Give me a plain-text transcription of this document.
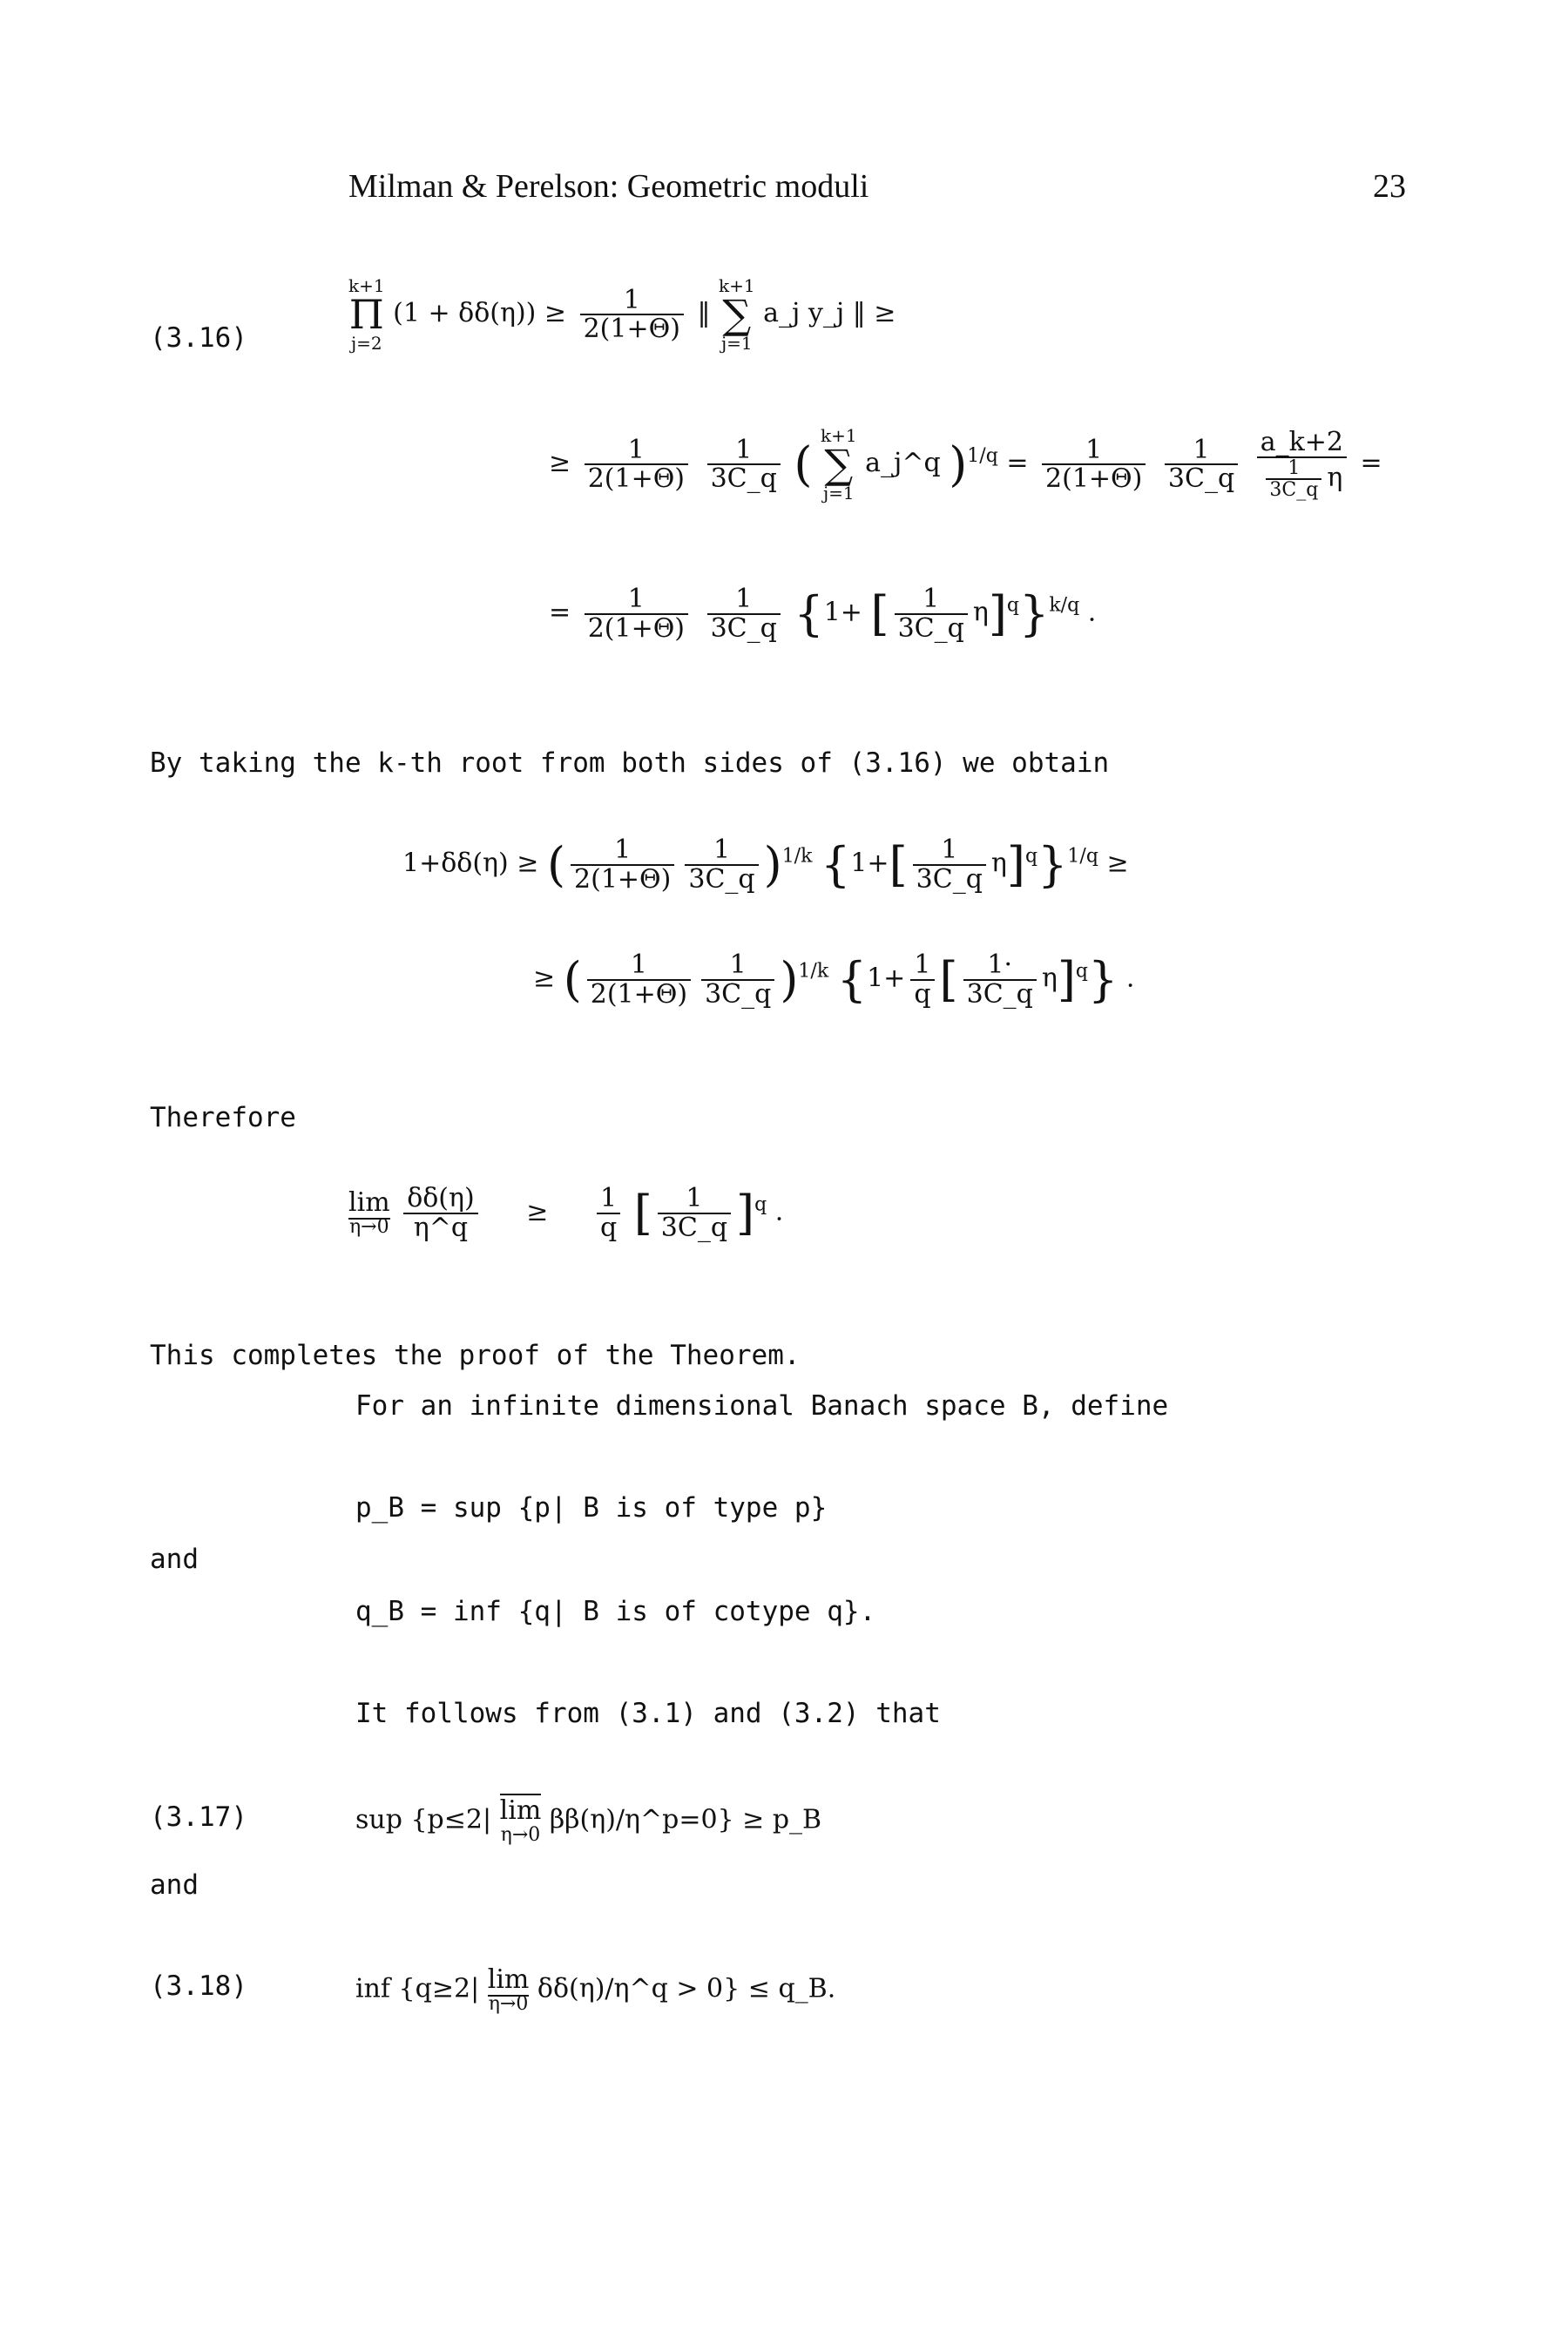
Milman & Perelson: Geometric moduli	23
(3.16)
k+1
Π
j=2
$(1 + \delta\delta(\eta)) \ge \frac{1}{2(1+\Theta)}$ ‖
k+1
∑
j=1
a_j y_j ‖ ≥
≥ $\frac{1}{2(1+\Theta)}$
$\frac{1}{3C\_q}$ (
k+1
∑
j=1
a_j^q )$^{1/q} = \frac{1}{2(1+\Theta)}$
$\frac{1}{3C\_q}$
$\frac{a\_k+2}{\frac{1}{3C\_q} \eta}$ =
= $\frac{1}{2(1+\Theta)}$
$\frac{1}{3C\_q} \{1+$ [ $\frac{1}{3C\_q} \eta]^q\}^{k/q}$ .
By taking the k-th root from both sides of (3.16) we obtain
1+δδ(η) ≥ ( $\frac{1}{2(1+\Theta)} \frac{1}{3C\_q} )^{1/k}$ $\{1+[ \frac{1}{3C\_q} \eta]^q\}^{1/q}$ ≥
≥ ( $\frac{1}{2(1+\Theta)} \frac{1}{3C\_q} )^{1/k}$ {$1+ \frac{1}{q}$ [ $\frac{1\cdot}{3C\_q} \eta]^q$} .
Therefore
lim
η→0
$\frac{\delta\delta(\eta)}{\eta\^{}q} \ge \frac{1}{q}$ [ $\frac{1}{3C\_q} ]^q$ .
This completes the proof of the Theorem.
For an infinite dimensional Banach space B, define
p_B = sup {p| B is of type p}
and
q_B = inf {q| B is of cotype q}.
It follows from (3.1) and (3.2) that
(3.17)	sup {p≤2| lim
η→0 ββ(η)/η^p=0} ≥ p_B
and
(3.18)	inf {q≥2| lim
η→0 δδ(η)/η^q > 0} ≤ q_B.
